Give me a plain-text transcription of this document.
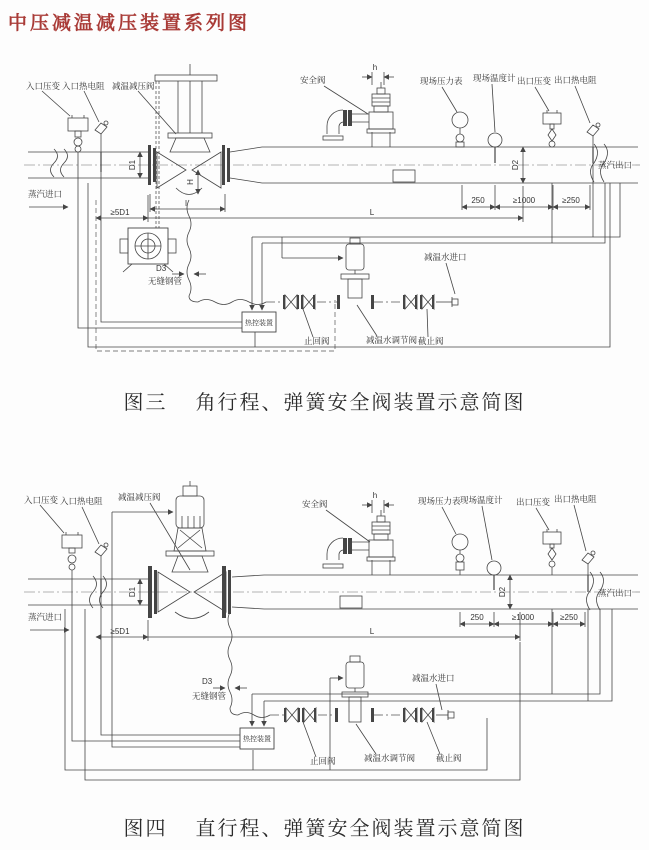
中压减温减压装置系列图
h
D1
H
l
D2
250	≥1000	≥250
≥5D1	L
热控装置
入口压变 入口热电阻 减温减压阀
蒸汽进口
安全阀	现场压力表 现场温度计 出口压变 出口热电阻
蒸汽出口
减温水进口
止回阀	减温水调节阀 截止阀
D3
无缝钢管
图三 角行程、弹簧安全阀装置示意简图
h
D1	D2
250	≥1000	≥250
≥5D1	L
热控装置
入口压变 入口热电阻 减温减压阀
蒸汽进口
安全阀	现场压力表 现场温度计 出口压变 出口热电阻
蒸汽出口
减温水进口
止回阀	减温水调节阀 截止阀
D3
无缝钢管
图四 直行程、弹簧安全阀装置示意简图
